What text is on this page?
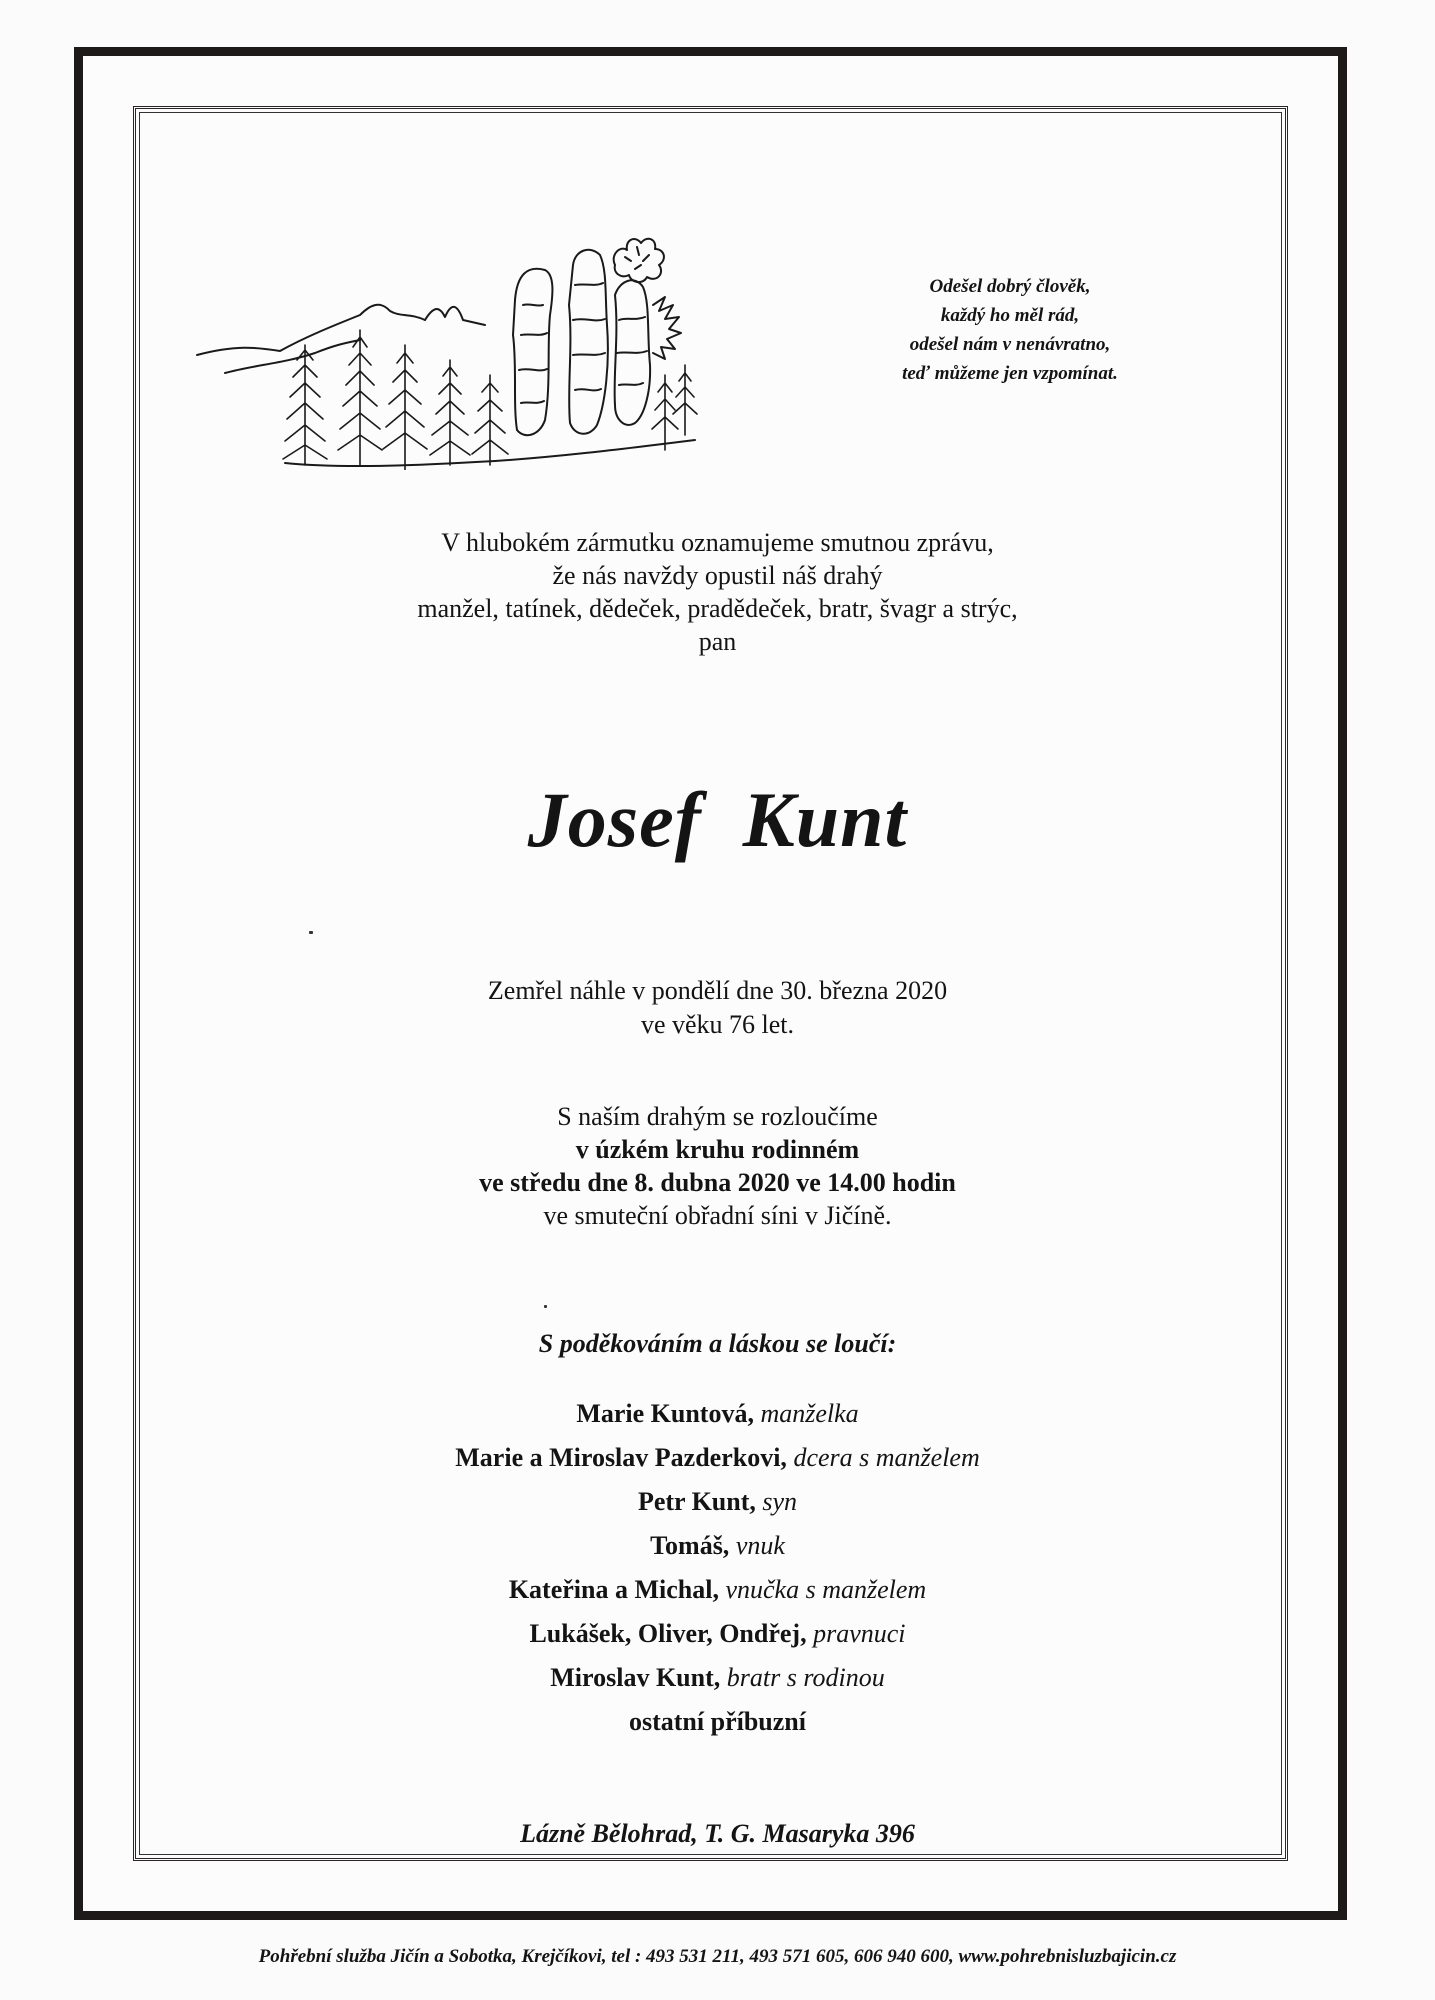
Odešel dobrý člověk,
každý ho měl rád,
odešel nám v nenávratno,
teď můžeme jen vzpomínat.
V hlubokém zármutku oznamujeme smutnou zprávu,
že nás navždy opustil náš drahý
manžel, tatínek, dědeček, pradědeček, bratr, švagr a strýc,
pan
Josef  Kunt
Zemřel náhle v pondělí dne 30. března 2020
ve věku 76 let.
S naším drahým se rozloučíme
v úzkém kruhu rodinném
ve středu dne 8. dubna 2020 ve 14.00 hodin
ve smuteční obřadní síni v Jičíně.
S poděkováním a láskou se loučí:
Marie Kuntová, manželka
Marie a Miroslav Pazderkovi, dcera s manželem
Petr Kunt, syn
Tomáš, vnuk
Kateřina a Michal, vnučka s manželem
Lukášek, Oliver, Ondřej, pravnuci
Miroslav Kunt, bratr s rodinou
ostatní příbuzní
Lázně Bělohrad, T. G. Masaryka 396
Pohřební služba Jičín a Sobotka, Krejčíkovi, tel : 493 531 211, 493 571 605, 606 940 600, www.pohrebnisluzbajicin.cz
